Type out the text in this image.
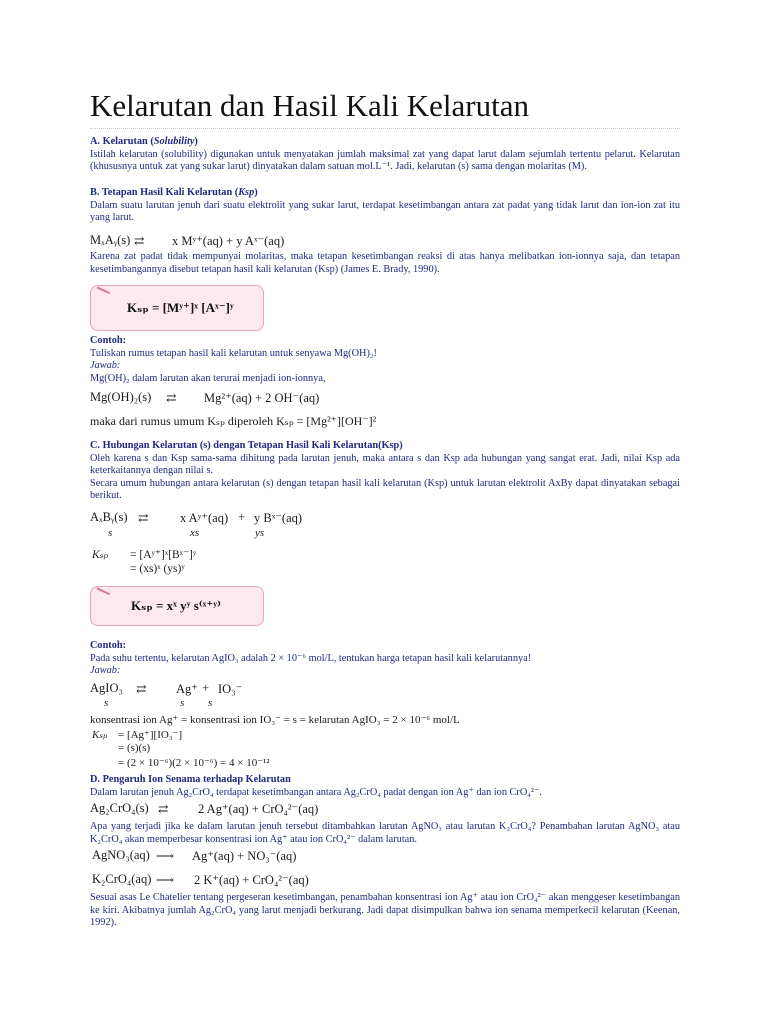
Kelarutan dan Hasil Kali Kelarutan

A. Kelarutan (Solubility)

Istilah kelarutan (solubility) digunakan untuk menyatakan jumlah maksimal zat yang dapat larut dalam sejumlah tertentu pelarut. Kelarutan (khususnya untuk zat yang sukar larut) dinyatakan dalam satuan mol.L⁻¹. Jadi, kelarutan (s) sama dengan molaritas (M).

B. Tetapan Hasil Kali Kelarutan (Ksp)

Dalam suatu larutan jenuh dari suatu elektrolit yang sukar larut, terdapat kesetimbangan antara zat padat yang tidak larut dan ion-ion zat itu yang larut.

MₓAᵧ(s) ⇄ x Mʸ⁺(aq) + y Aˣ⁻(aq)
Karena zat padat tidak mempunyai molaritas, maka tetapan kesetimbangan reaksi di atas hanya melibatkan ion-ionnya saja, dan tetapan kesetimbangannya disebut tetapan hasil kali kelarutan (Ksp) (James E. Brady, 1990).
Kₛₚ = [Mʸ⁺]ˣ [Aˣ⁻]ʸ

Contoh:

Tuliskan rumus tetapan hasil kali kelarutan untuk senyawa Mg(OH)₂!

Jawab:

Mg(OH)₂ dalam larutan akan terurai menjadi ion-ionnya,

Mg(OH)₂(s) ⇄ Mg²⁺(aq) + 2 OH⁻(aq)
maka dari rumus umum Kₛₚ diperoleh Kₛₚ = [Mg²⁺][OH⁻]²

C. Hubungan Kelarutan (s) dengan Tetapan Hasil Kali Kelarutan(Ksp)

Oleh karena s dan Ksp sama-sama dihitung pada larutan jenuh, maka antara s dan Ksp ada hubungan yang sangat erat. Jadi, nilai Ksp ada keterkaitannya dengan nilai s.

Secara umum hubungan antara kelarutan (s) dengan tetapan hasil kali kelarutan (Ksp) untuk larutan elektrolit AxBy dapat dinyatakan sebagai berikut.

AₓBᵧ(s) ⇄	x Aʸ⁺(aq) + y Bˣ⁻(aq)
s	xs	ys
Kₛₚ = [Aʸ⁺]ˣ[Bˣ⁻]ʸ
= (xs)ˣ (ys)ʸ
Kₛₚ = xˣ yʸ s⁽ˣ⁺ʸ⁾

Contoh:

Pada suhu tertentu, kelarutan AgIO₃ adalah 2 × 10⁻⁶ mol/L, tentukan harga tetapan hasil kali kelarutannya!

Jawab:

AgIO₃ ⇄ Ag⁺ + IO₃⁻
s	s s
konsentrasi ion Ag⁺ = konsentrasi ion IO₃⁻ = s = kelarutan AgIO₃ = 2 × 10⁻⁶ mol/L
Kₛₚ = [Ag⁺][IO₃⁻]
= (s)(s)
= (2 × 10⁻⁶)(2 × 10⁻⁶) = 4 × 10⁻¹²

D. Pengaruh Ion Senama terhadap Kelarutan

Dalam larutan jenuh Ag₂CrO₄ terdapat kesetimbangan antara Ag₂CrO₄ padat dengan ion Ag⁺ dan ion CrO₄²⁻.

Ag₂CrO₄(s) ⇄ 2 Ag⁺(aq) + CrO₄²⁻(aq)
Apa yang terjadi jika ke dalam larutan jenuh tersebut ditambahkan larutan AgNO₃ atau larutan K₂CrO₄? Penambahan larutan AgNO₃ atau K₂CrO₄ akan memperbesar konsentrasi ion Ag⁺ atau ion CrO₄²⁻ dalam larutan.
AgNO₃(aq) ⟶ Ag⁺(aq) + NO₃⁻(aq)
K₂CrO₄(aq) ⟶ 2 K⁺(aq) + CrO₄²⁻(aq)
Sesuai asas Le Chatelier tentang pergeseran kesetimbangan, penambahan konsentrasi ion Ag⁺ atau ion CrO₄²⁻ akan menggeser kesetimbangan ke kiri. Akibatnya jumlah Ag₂CrO₄ yang larut menjadi berkurang. Jadi dapat disimpulkan bahwa ion senama memperkecil kelarutan (Keenan, 1992).
